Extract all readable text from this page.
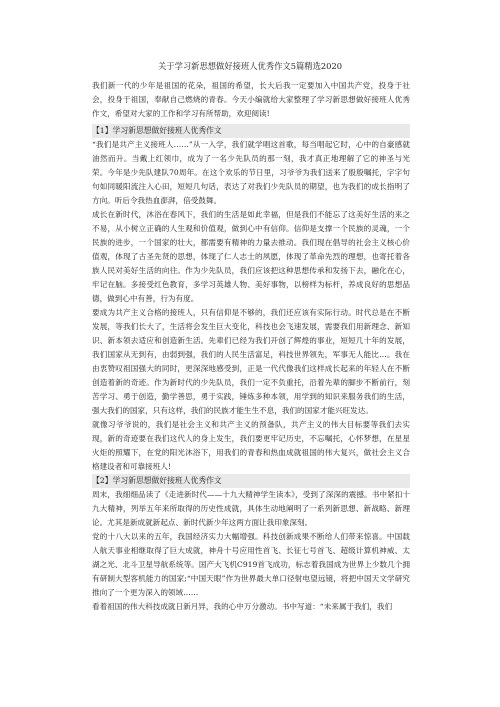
关于学习新思想做好接班人优秀作文5篇精选2020

我们新一代的少年是祖国的花朵，祖国的希望，长大后我一定要加入中国共产党，投身于社会，投身于祖国，奉献自己燃烧的青春。今天小编就给大家整理了学习新思想做好接班人优秀作文，希望对大家的工作和学习有所帮助，欢迎阅读!

【1】学习新思想做好接班人优秀作文

“我们是共产主义接班人……”从一入学，我们就学唱这首歌，每当唱起它时，心中的自豪感就油然而升。当戴上红领巾，成为了一名少先队员的那一刻，我才真正地理解了它的神圣与光荣。今年是少先队建队70周年。在这个欢乐的节日里，习爷爷为我们送来了殷殷嘱托，字字句句如同暖阳流注入心田，短短几句话，表达了对我们少先队员的期望，也为我们的成长指明了方向。听后令我热血澎湃，倍受鼓舞。

成长在新时代，沐浴在春风下，我们的生活是如此幸福，但是我们不能忘了这美好生活的来之不易，从小树立正确的人生观和价值观，做到心中有信仰。信仰是支撑一个民族的灵魂，一个民族的进步，一个国家的壮大，都需要有精神的力量去推动。我们现在倡导的社会主义核心价值观，体现了古圣先贤的思想，体现了仁人志士的夙愿，体现了革命先烈的理想，也寄托着各族人民对美好生活的向往。作为少先队员，我们应该把这种思想传承和发扬下去，融化在心，牢记在脑。多接受红色教育，多学习英雄人物、美好事物，以榜样为标杆，养成良好的思想品德，做到心中有善，行为有度。

要成为共产主义合格的接班人，只有信仰是不够的，我们还应该有实际行动。时代总是在不断发展，等我们长大了，生活将会发生巨大变化，科技也会飞速发展，需要我们用新理念、新知识、新本领去适应和创造新生活。先辈们已经为我们开创了辉煌的事业，短短几十年的发展，我们国家从无到有，由弱到强，我们的人民生活富足，科技世界领先，军事无人能比…。我在由衷赞叹祖国强大的同时，更深深地感受到，正是一代代像我们这样成长起来的年轻人在不断创造着新的奇迹。作为新时代的少先队员，我们一定不负重托，沿着先辈的脚步不断前行，刻苦学习、勇于创造，勤学善思，勇于实践，锤炼多种本领，用学到的知识来服务我们的生活，强大我们的国家，只有这样，我们的民族才能生生不息，我们的国家才能兴旺发达。

就像习爷爷说的，我们是社会主义和共产主义的预备队，共产主义的伟大目标要等我们去实现，新的奇迹要在我们这代人的身上发生，我们要更牢记历史，不忘嘱托，心怀梦想，在星星火炬的照耀下，在党的阳光沐浴下，用我们的青春和热血成就祖国的伟大复兴，做社会主义合格建设者和可靠接班人!

【2】学习新思想做好接班人优秀作文

周末，我细细品读了《走进新时代——十九大精神学生读本》，受到了深深的震撼。书中紧扣十九大精神，列举五年来所取得的历史性成就，具体生动地阐明了一系列新思想、新战略、新理论。尤其是新成就新起点、新时代新少年这两方面让我印象深刻。

党的十八大以来的五年，我国经济实力大幅增强。科技创新成果不断给人们带来惊喜。中国载人航天事业相继取得了巨大成就，神舟十号应用性首飞、长征七号首飞、超级计算机神威、太湖之光、北斗卫星导航系统等。国产大飞机C919首飞成功，标志着我国成为世界上少数几个拥有研制大型客机能力的国家;“中国天眼”作为世界最大单口径射电望远镜，将把中国天文学研究推向了一个更为深入的领域……

看着祖国的伟大科技成就日新月异，我的心中万分激动。书中写道：“未来属于我们，我们
